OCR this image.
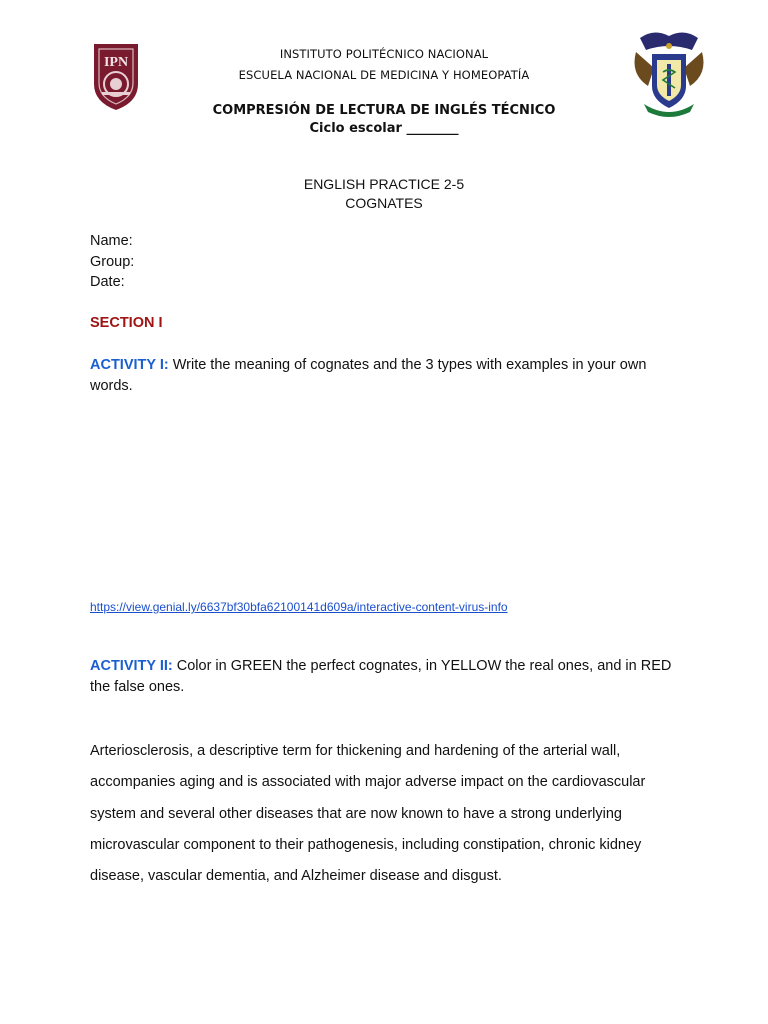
IPN
INSTITUTO POLITÉCNICO NACIONAL
ESCUELA NACIONAL DE MEDICINA Y HOMEOPATÍA
COMPRESIÓN DE LECTURA DE INGLÉS TÉCNICO
Ciclo escolar ________
ENGLISH PRACTICE 2-5
COGNATES
Name:
Group:
Date:
SECTION I
ACTIVITY I: Write the meaning of cognates and the 3 types with examples in your own words.
https://view.genial.ly/6637bf30bfa62100141d609a/interactive-content-virus-info
ACTIVITY II: Color in GREEN the perfect cognates, in YELLOW the real ones, and in RED the false ones.
Arteriosclerosis, a descriptive term for thickening and hardening of the arterial wall, accompanies aging and is associated with major adverse impact on the cardiovascular system and several other diseases that are now known to have a strong underlying microvascular component to their pathogenesis, including constipation, chronic kidney disease, vascular dementia, and Alzheimer disease and disgust.
